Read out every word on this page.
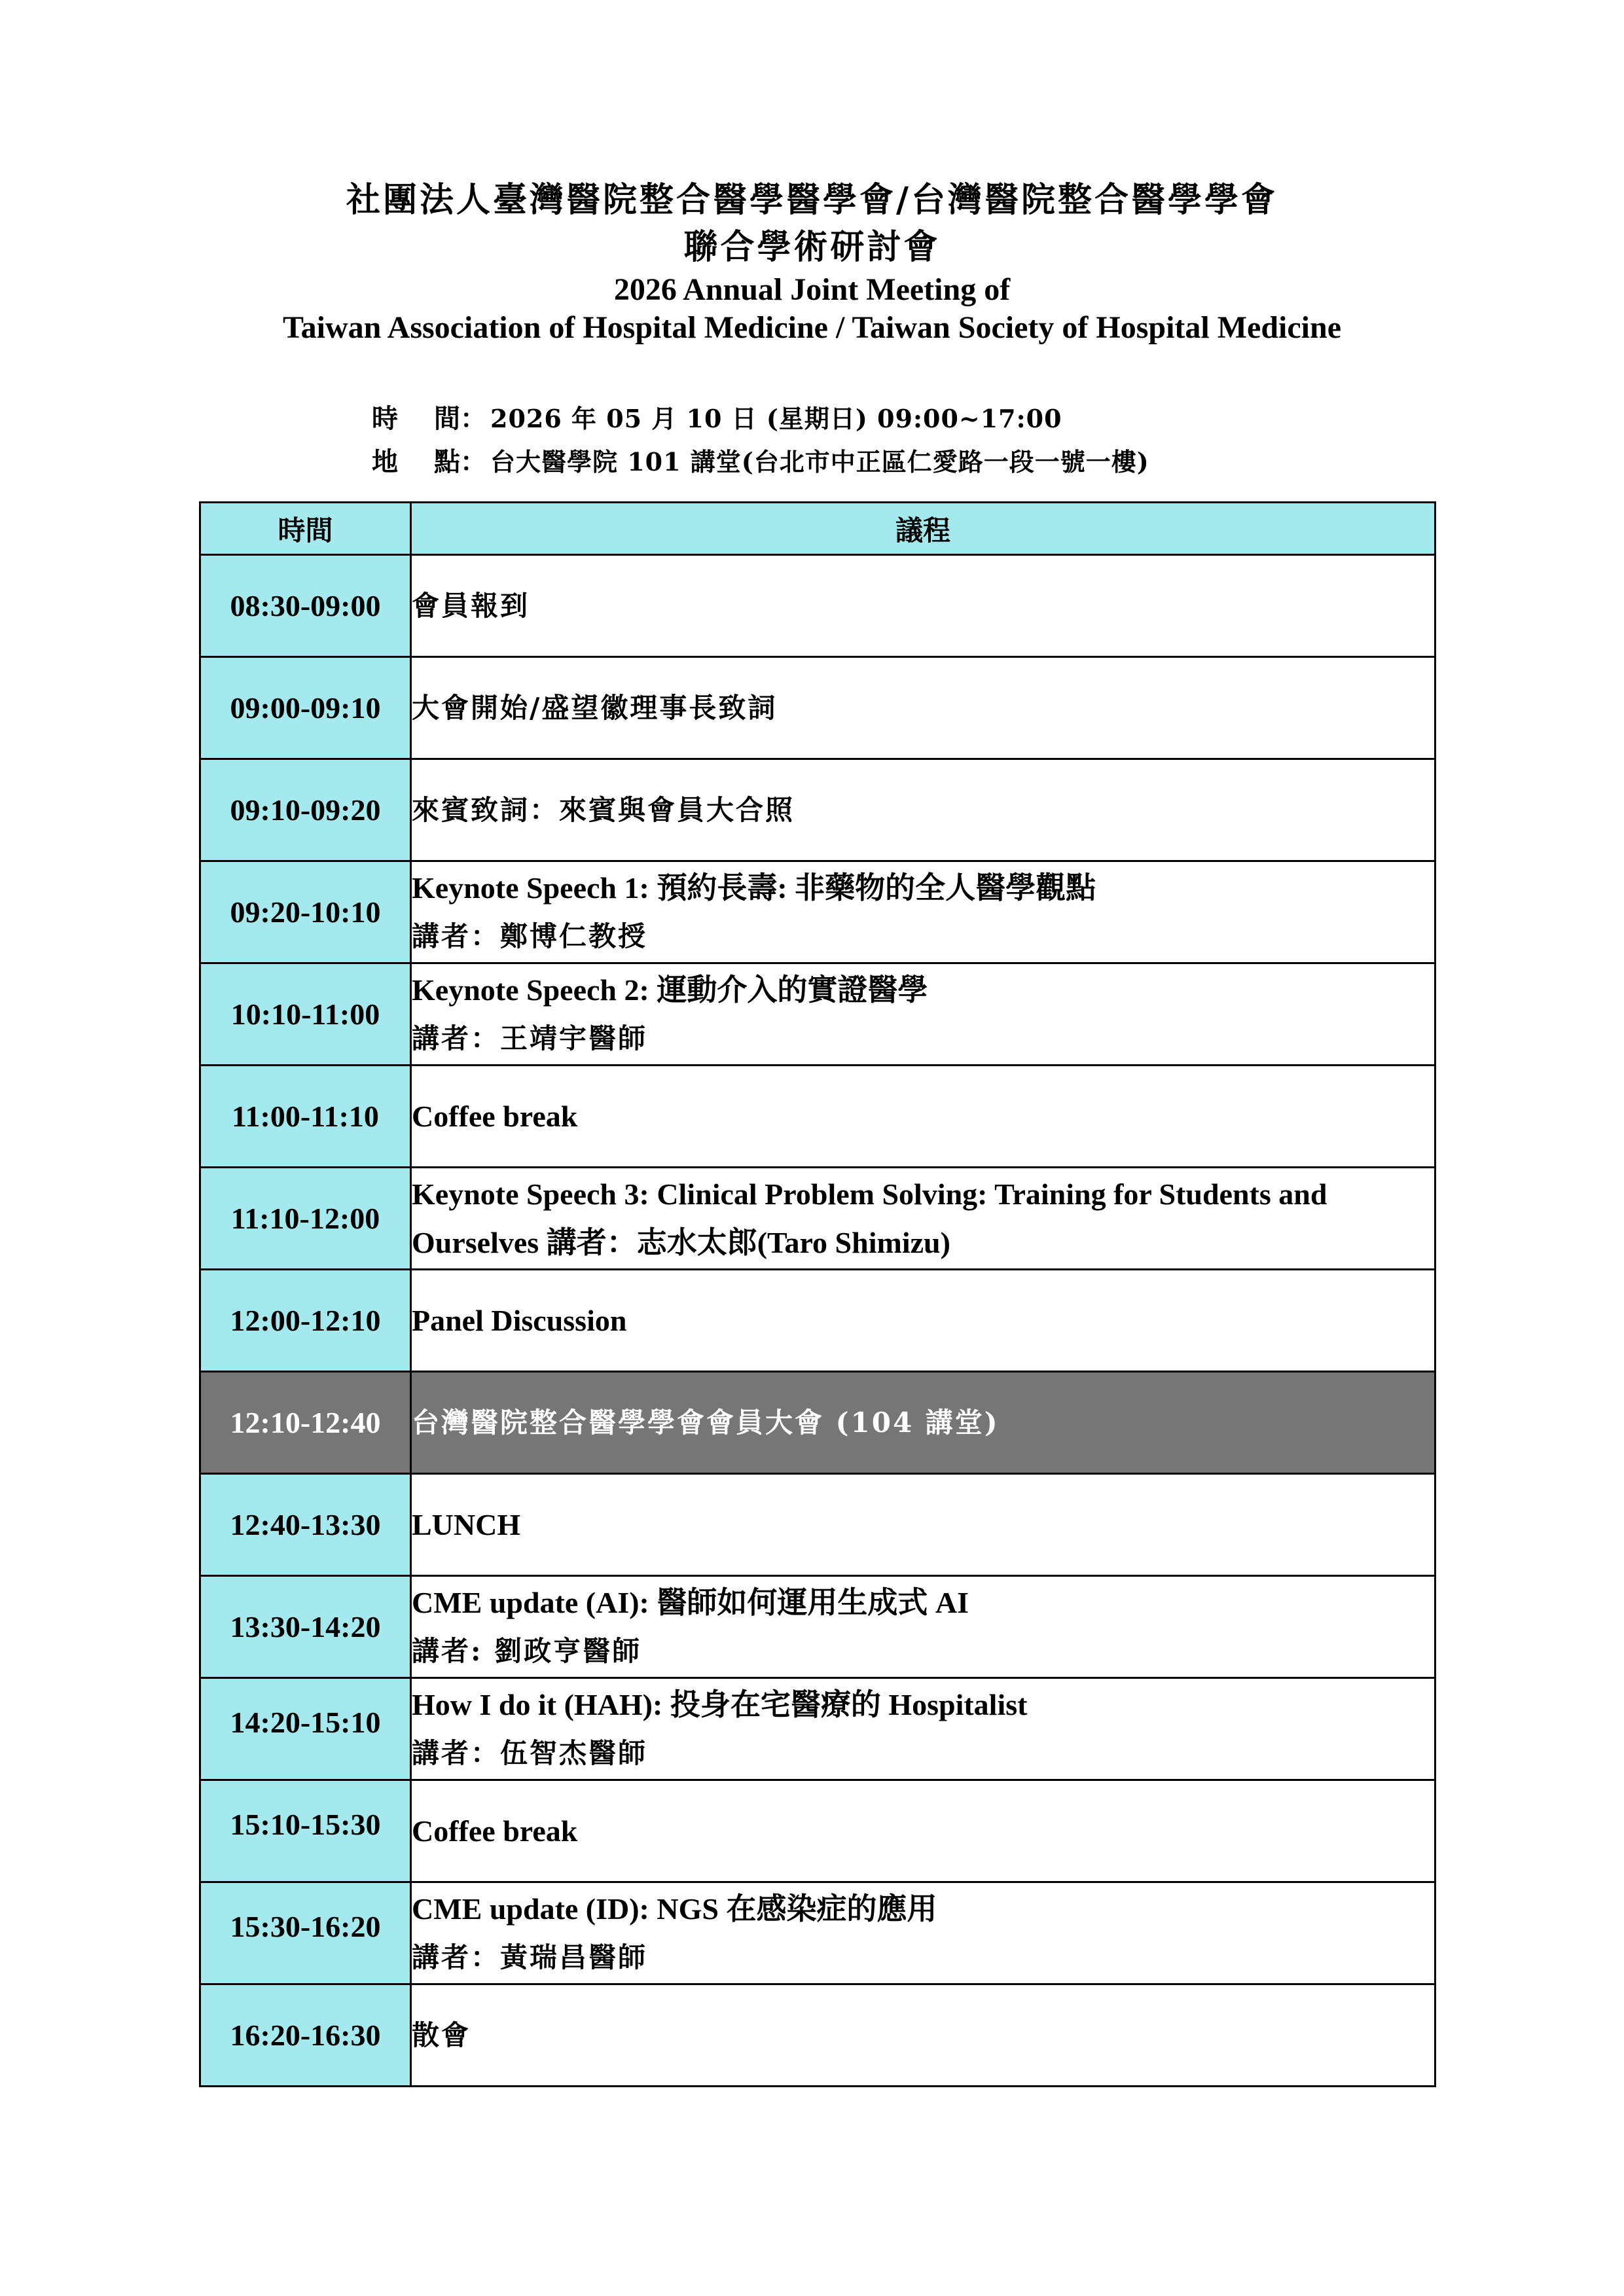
社團法人臺灣醫院整合醫學醫學會/台灣醫院整合醫學學會
聯合學術研討會
2026 Annual Joint Meeting of
Taiwan Association of Hospital Medicine / Taiwan Society of Hospital Medicine
時 間 ： 2026 年 05 月 10 日 (星期日) 09:00~17:00
地 點 ： 台大醫學院 101 講堂(台北市中正區仁愛路一段一號一樓)
時間	議程
08:30-09:00	會員報到

09:00-09:10	大會開始/盛望徽理事長致詞

09:10-09:20	來賓致詞：來賓與會員大合照

09:20-10:10	Keynote Speech 1: 預約長壽: 非藥物的全人醫學觀點
講者：鄭博仁教授

10:10-11:00	Keynote Speech 2: 運動介入的實證醫學
講者：王靖宇醫師

11:00-11:10	Coffee break

11:10-12:00	Keynote Speech 3: Clinical Problem Solving: Training for Students and
Ourselves 講者：志水太郎(Taro Shimizu)

12:00-12:10	Panel Discussion

12:10-12:40	台灣醫院整合醫學學會會員大會 (104 講堂)

12:40-13:30	LUNCH

13:30-14:20	CME update (AI): 醫師如何運用生成式 AI
講者: 劉政亨醫師

14:20-15:10	How I do it (HAH): 投身在宅醫療的 Hospitalist
講者：伍智杰醫師

15:10-15:30	Coffee break

15:30-16:20	CME update (ID): NGS 在感染症的應用
講者：黃瑞昌醫師

16:20-16:30	散會
